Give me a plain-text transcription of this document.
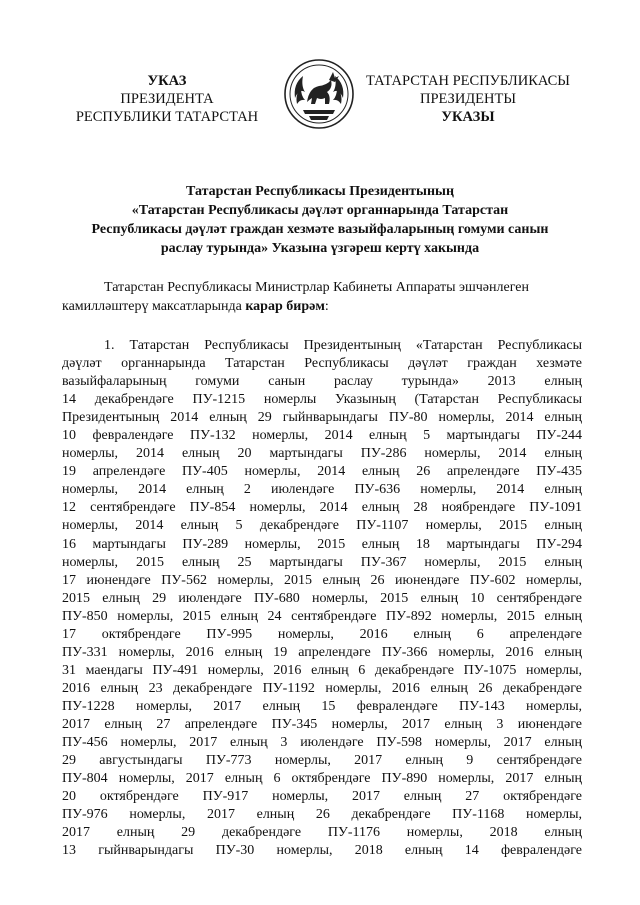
УКАЗ
ПРЕЗИДЕНТА
РЕСПУБЛИКИ ТАТАРСТАН
ТАТАРСТАН РЕСПУБЛИКАСЫ
ПРЕЗИДЕНТЫ
УКАЗЫ
Татарстан Республикасы Президентының
«Татарстан Республикасы дәүләт органнарында Татарстан
Республикасы дәүләт граждан хезмәте вазыйфаларының гомуми санын
раслау турында» Указына үзгәреш кертү хакында
Татарстан Республикасы Министрлар Кабинеты Аппараты эшчәнлеген
камилләштерү максатларында карар бирәм:
1. Татарстан Республикасы Президентының «Татарстан Республикасы
дәүләт органнарында Татарстан Республикасы дәүләт граждан хезмәте
вазыйфаларының гомуми санын раслау турында» 2013 елның
14 декабрендәге ПУ-1215 номерлы Указының (Татарстан Республикасы
Президентының 2014 елның 29 гыйнварындагы ПУ-80 номерлы, 2014 елның
10 февралендәге ПУ-132 номерлы, 2014 елның 5 мартындагы ПУ-244
номерлы, 2014 елның 20 мартындагы ПУ-286 номерлы, 2014 елның
19 апрелендәге ПУ-405 номерлы, 2014 елның 26 апрелендәге ПУ-435
номерлы, 2014 елның 2 июлендәге ПУ-636 номерлы, 2014 елның
12 сентябрендәге ПУ-854 номерлы, 2014 елның 28 ноябрендәге ПУ-1091
номерлы, 2014 елның 5 декабрендәге ПУ-1107 номерлы, 2015 елның
16 мартындагы ПУ-289 номерлы, 2015 елның 18 мартындагы ПУ-294
номерлы, 2015 елның 25 мартындагы ПУ-367 номерлы, 2015 елның
17 июнендәге ПУ-562 номерлы, 2015 елның 26 июнендәге ПУ-602 номерлы,
2015 елның 29 июлендәге ПУ-680 номерлы, 2015 елның 10 сентябрендәге
ПУ-850 номерлы, 2015 елның 24 сентябрендәге ПУ-892 номерлы, 2015 елның
17 октябрендәге ПУ-995 номерлы, 2016 елның 6 апрелендәге
ПУ-331 номерлы, 2016 елның 19 апрелендәге ПУ-366 номерлы, 2016 елның
31 маендагы ПУ-491 номерлы, 2016 елның 6 декабрендәге ПУ-1075 номерлы,
2016 елның 23 декабрендәге ПУ-1192 номерлы, 2016 елның 26 декабрендәге
ПУ-1228 номерлы, 2017 елның 15 февралендәге ПУ-143 номерлы,
2017 елның 27 апрелендәге ПУ-345 номерлы, 2017 елның 3 июнендәге
ПУ-456 номерлы, 2017 елның 3 июлендәге ПУ-598 номерлы, 2017 елның
29 августындагы ПУ-773 номерлы, 2017 елның 9 сентябрендәге
ПУ-804 номерлы, 2017 елның 6 октябрендәге ПУ-890 номерлы, 2017 елның
20 октябрендәге ПУ-917 номерлы, 2017 елның 27 октябрендәге
ПУ-976 номерлы, 2017 елның 26 декабрендәге ПУ-1168 номерлы,
2017 елның 29 декабрендәге ПУ-1176 номерлы, 2018 елның
13 гыйнварындагы ПУ-30 номерлы, 2018 елның 14 февралендәге
